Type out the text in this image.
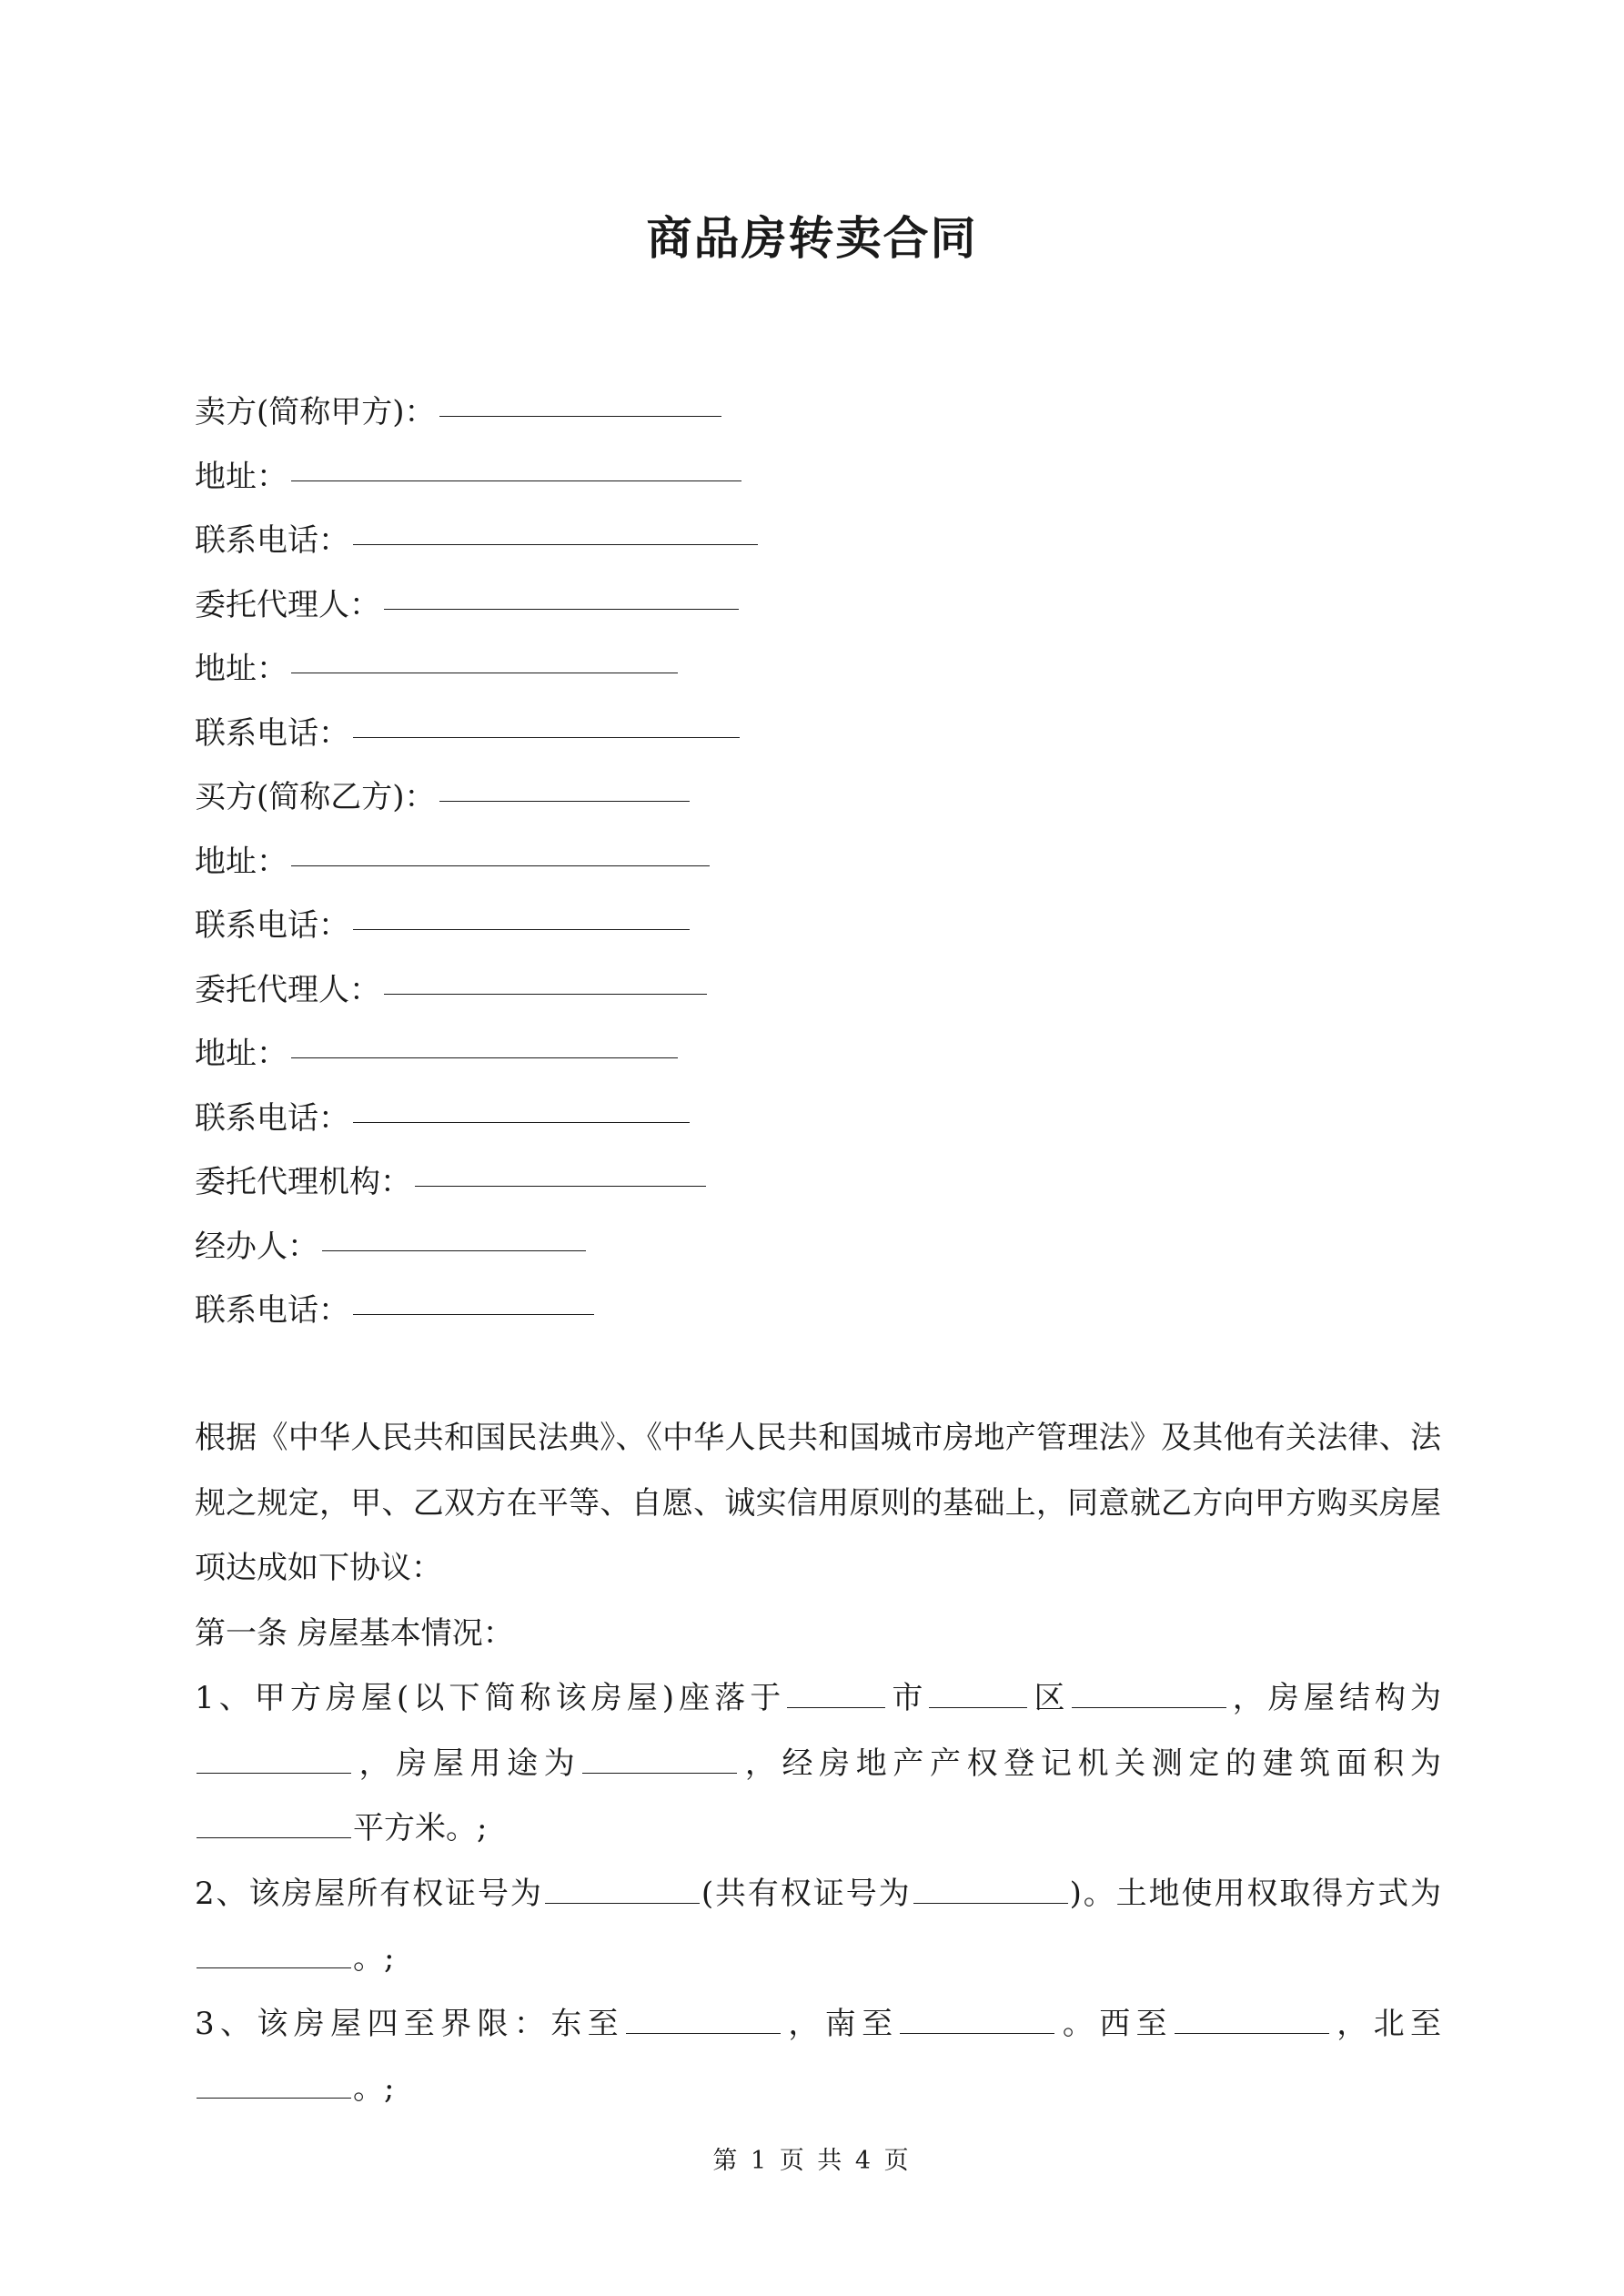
商品房转卖合同
卖方(简称甲方)：
地址：
联系电话：
委托代理人：
地址：
联系电话：
买方(简称乙方)：
地址：
联系电话：
委托代理人：
地址：
联系电话：
委托代理机构：
经办人：
联系电话：

根据《中华人民共和国民法典》、《中华人民共和国城市房地产管理法》及其他有关法律、法规之规定，甲、乙双方在平等、自愿、诚实信用原则的基础上，同意就乙方向甲方购买房屋项达成如下协议：

第一条 房屋基本情况：

1、甲方房屋(以下简称该房屋)座落于	市	区	，房屋结构为，房屋用途为	，经房地产产权登记机关测定的建筑面积为平方米。;

2、该房屋所有权证号为	(共有权证号为	)。土地使用权取得方式为。;

3、该房屋四至界限：东至	，南至	。西至	，北至。;

第 1 页 共 4 页
